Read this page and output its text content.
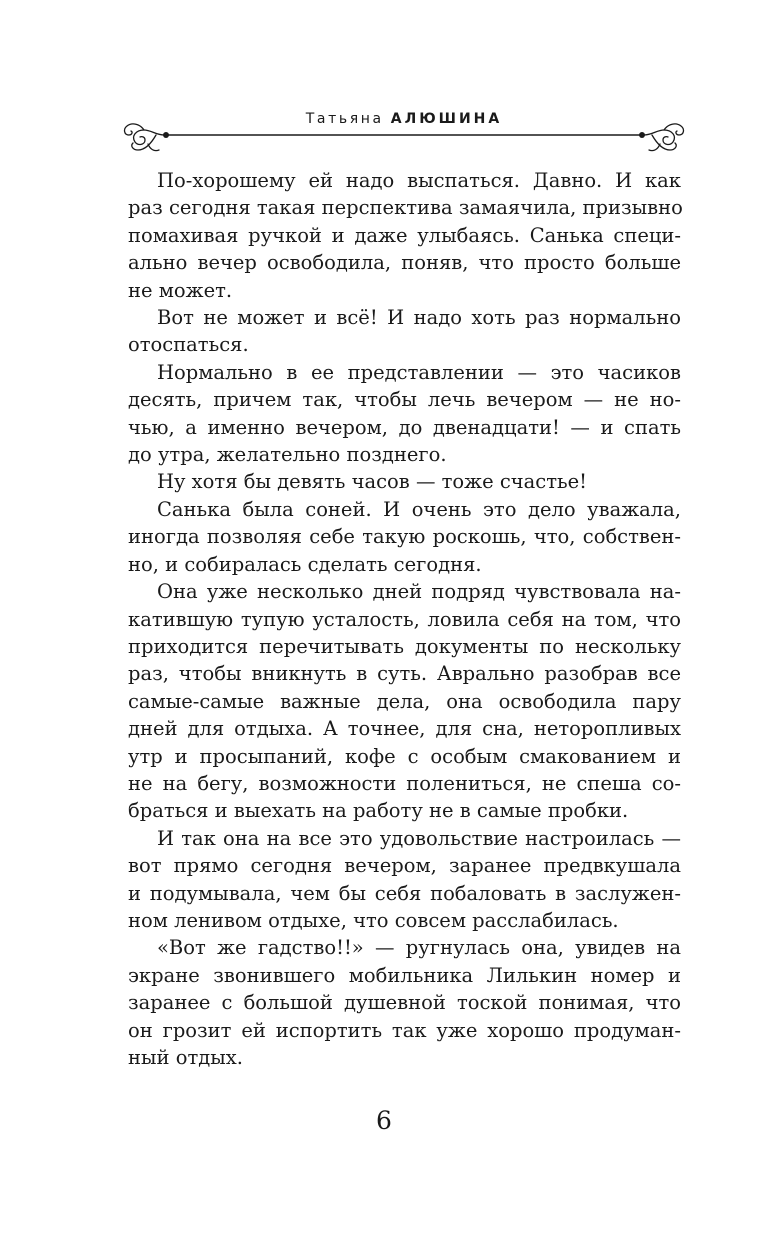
Татьяна АЛЮШИНА
По-хорошему ей надо выспаться. Давно. И как
раз сегодня такая перспектива замаячила, призывно
помахивая ручкой и даже улыбаясь. Санька специ-
ально вечер освободила, поняв, что просто больше
не может.
Вот не может и всё! И надо хоть раз нормально
отоспаться.
Нормально в ее представлении — это часиков
десять, причем так, чтобы лечь вечером — не но-
чью, а именно вечером, до двенадцати! — и спать
до утра, желательно позднего.
Ну хотя бы девять часов — тоже счастье!
Санька была соней. И очень это дело уважала,
иногда позволяя себе такую роскошь, что, собствен-
но, и собиралась сделать сегодня.
Она уже несколько дней подряд чувствовала на-
катившую тупую усталость, ловила себя на том, что
приходится перечитывать документы по нескольку
раз, чтобы вникнуть в суть. Аврально разобрав все
самые-самые важные дела, она освободила пару
дней для отдыха. А точнее, для сна, неторопливых
утр и просыпаний, кофе с особым смакованием и
не на бегу, возможности полениться, не спеша со-
браться и выехать на работу не в самые пробки.
И так она на все это удовольствие настроилась —
вот прямо сегодня вечером, заранее предвкушала
и подумывала, чем бы себя побаловать в заслужен-
ном ленивом отдыхе, что совсем расслабилась.
«Вот же гадство!!» — ругнулась она, увидев на
экране звонившего мобильника Лилькин номер и
заранее с большой душевной тоской понимая, что
он грозит ей испортить так уже хорошо продуман-
ный отдых.
6
